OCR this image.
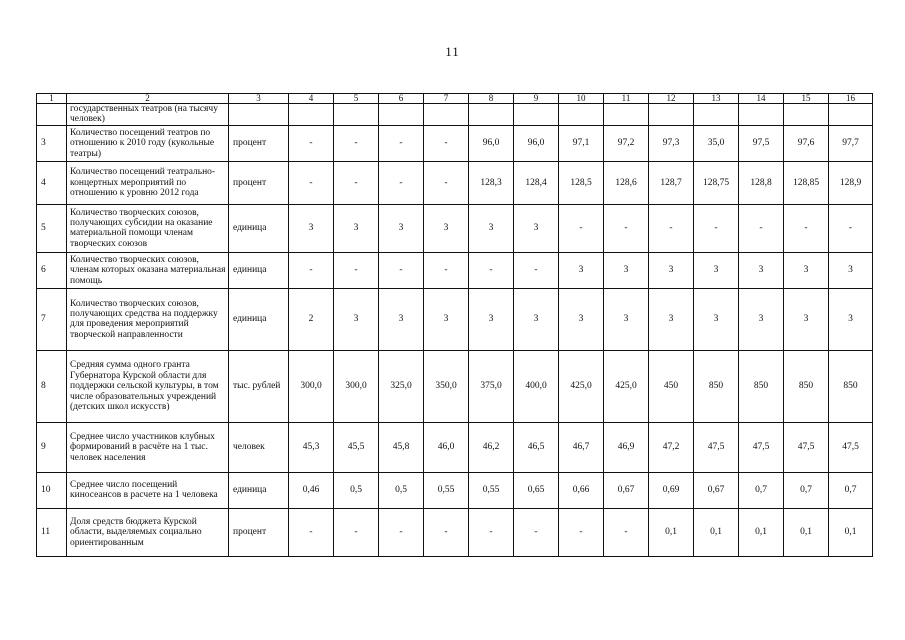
11
1	2	3	4	5	6	7	8	9	10	11	12	13	14	15	16
	государственных театров (на тысячу человек)														
3	Количество посещений театров по отношению к 2010 году (кукольные театры)	процент	-	-	-	-	96,0	96,0	97,1	97,2	97,3	35,0	97,5	97,6	97,7
4	Количество посещений театрально-концертных мероприятий по отношению к уровню 2012 года	процент	-	-	-	-	128,3	128,4	128,5	128,6	128,7	128,75	128,8	128,85	128,9
5	Количество творческих союзов, получающих субсидии на оказание материальной помощи членам творческих союзов	единица	3	3	3	3	3	3	-	-	-	-	-	-	-
6	Количество творческих союзов, членам которых оказана материальная помощь	единица	-	-	-	-	-	-	3	3	3	3	3	3	3
7	Количество творческих союзов, получающих средства на поддержку для проведения мероприятий творческой направленности	единица	2	3	3	3	3	3	3	3	3	3	3	3	3
8	Средняя сумма одного гранта Губернатора Курской области для поддержки сельской культуры, в том числе образовательных учреждений (детских школ искусств)	тыс. рублей	300,0	300,0	325,0	350,0	375,0	400,0	425,0	425,0	450	850	850	850	850
9	Среднее число участников клубных формирований в расчёте на 1 тыс. человек населения	человек	45,3	45,5	45,8	46,0	46,2	46,5	46,7	46,9	47,2	47,5	47,5	47,5	47,5
10	Среднее число посещений киносеансов в расчете на 1 человека	единица	0,46	0,5	0,5	0,55	0,55	0,65	0,66	0,67	0,69	0,67	0,7	0,7	0,7
11	Доля средств бюджета Курской области, выделяемых социально ориентированным	процент	-	-	-	-	-	-	-	-	0,1	0,1	0,1	0,1	0,1
